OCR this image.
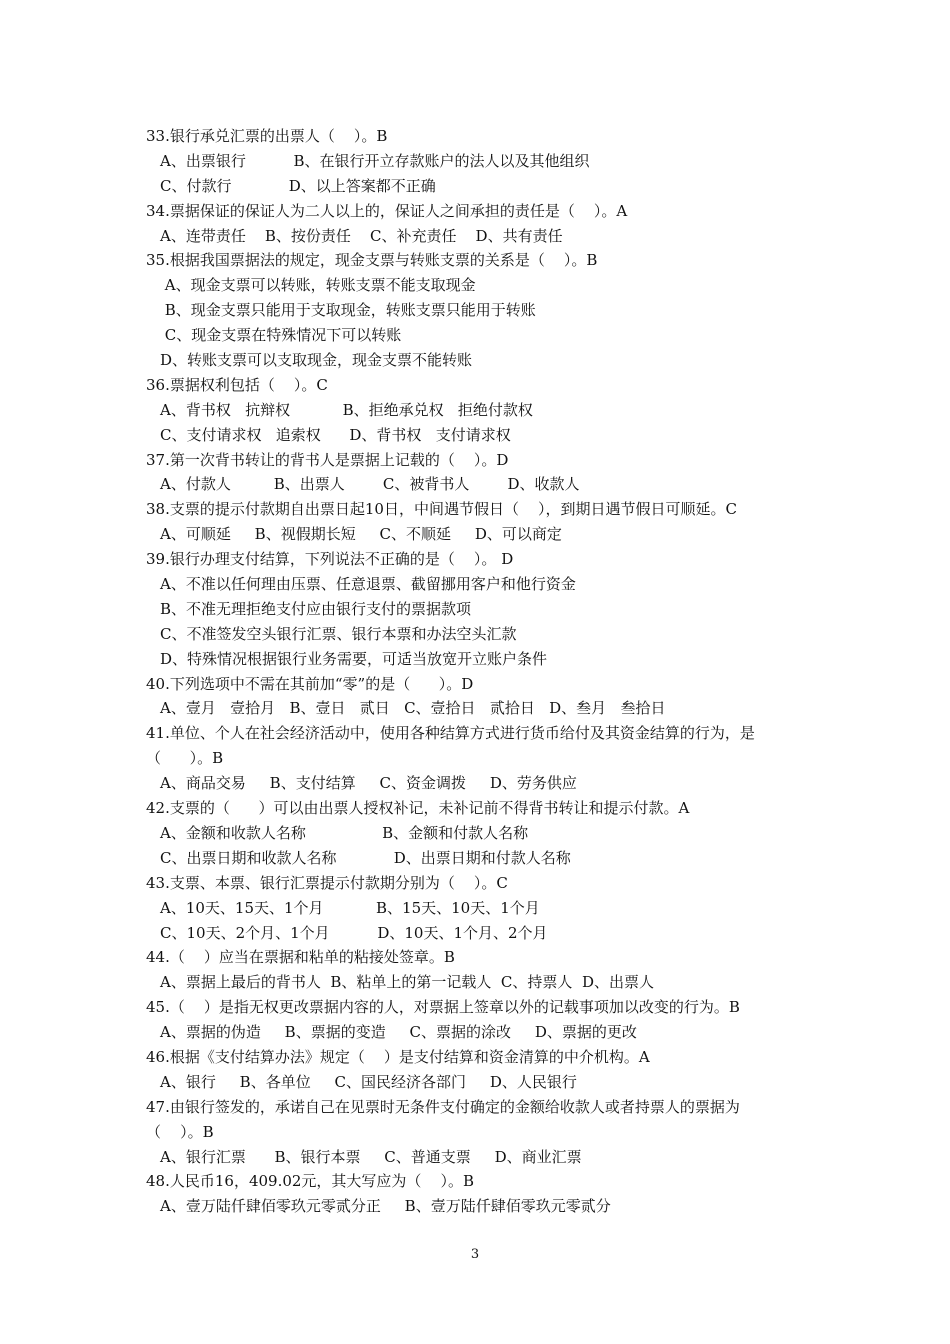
33.银行承兑汇票的出票人（    ）。B
A、出票银行          B、在银行开立存款账户的法人以及其他组织
C、付款行            D、以上答案都不正确
34.票据保证的保证人为二人以上的，保证人之间承担的责任是（    ）。A
A、连带责任    B、按份责任    C、补充责任    D、共有责任
35.根据我国票据法的规定，现金支票与转账支票的关系是（    ）。B
A、现金支票可以转账，转账支票不能支取现金
B、现金支票只能用于支取现金，转账支票只能用于转账
C、现金支票在特殊情况下可以转账
D、转账支票可以支取现金，现金支票不能转账
36.票据权利包括（    ）。C
A、背书权   抗辩权           B、拒绝承兑权   拒绝付款权
C、支付请求权   追索权      D、背书权   支付请求权
37.第一次背书转让的背书人是票据上记载的（    ）。D
A、付款人         B、出票人        C、被背书人        D、收款人
38.支票的提示付款期自出票日起10日，中间遇节假日（    ），到期日遇节假日可顺延。C
A、可顺延     B、视假期长短     C、不顺延     D、可以商定
39.银行办理支付结算，下列说法不正确的是（    ）。 D
A、不准以任何理由压票、任意退票、截留挪用客户和他行资金
B、不准无理拒绝支付应由银行支付的票据款项
C、不准签发空头银行汇票、银行本票和办法空头汇款
D、特殊情况根据银行业务需要，可适当放宽开立账户条件
40.下列选项中不需在其前加“零”的是（      ）。D
A、壹月   壹拾月   B、壹日   贰日   C、壹拾日   贰拾日   D、叁月   叁拾日
41.单位、个人在社会经济活动中，使用各种结算方式进行货币给付及其资金结算的行为，是
（      ）。B
A、商品交易     B、支付结算     C、资金调拨     D、劳务供应
42.支票的（      ）可以由出票人授权补记，未补记前不得背书转让和提示付款。A
A、金额和收款人名称                B、金额和付款人名称
C、出票日期和收款人名称            D、出票日期和付款人名称
43.支票、本票、银行汇票提示付款期分别为（    ）。C
A、10天、15天、1个月           B、15天、10天、1个月
C、10天、2个月、1个月          D、10天、1个月、2个月
44.（    ）应当在票据和粘单的粘接处签章。B
A、票据上最后的背书人  B、粘单上的第一记载人  C、持票人  D、出票人
45.（    ）是指无权更改票据内容的人，对票据上签章以外的记载事项加以改变的行为。B
A、票据的伪造     B、票据的变造     C、票据的涂改     D、票据的更改
46.根据《支付结算办法》规定（    ）是支付结算和资金清算的中介机构。A
A、银行     B、各单位     C、国民经济各部门     D、人民银行
47.由银行签发的，承诺自己在见票时无条件支付确定的金额给收款人或者持票人的票据为
（    ）。B
A、银行汇票      B、银行本票     C、普通支票     D、商业汇票
48.人民币16，409.02元，其大写应为（    ）。B
A、壹万陆仟肆佰零玖元零贰分正     B、壹万陆仟肆佰零玖元零贰分
3
